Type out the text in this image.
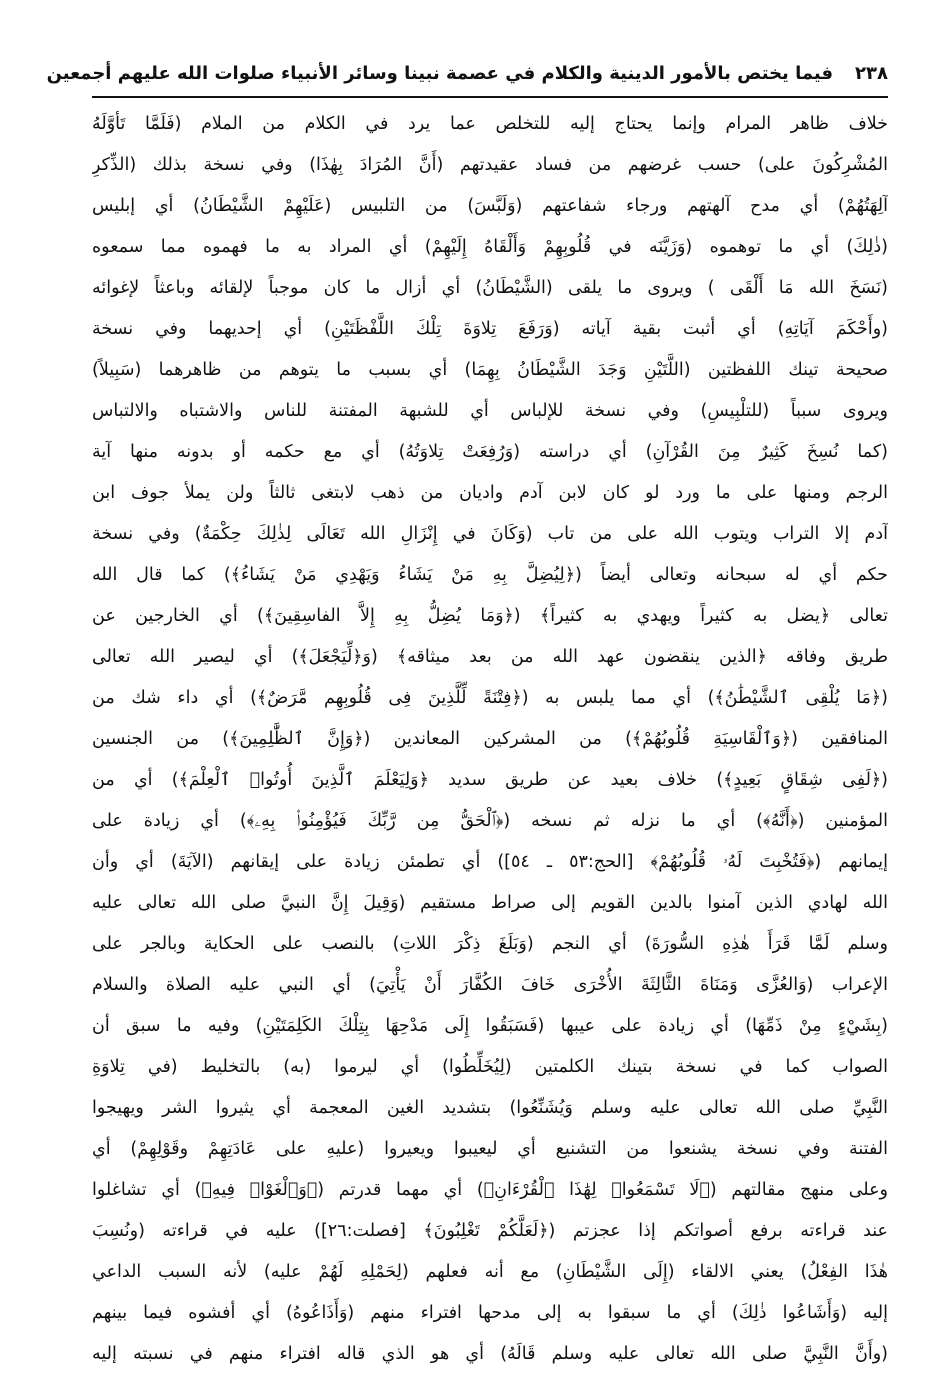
٢٣٨
فيما يختص بالأمور الدينية والكلام في عصمة نبينا وسائر الأنبياء صلوات الله عليهم أجمعين
خلاف ظاهر المرام وإنما يحتاج إليه للتخلص عما يرد في الكلام من الملام (فَلَمَّا تَأوَّلَهُ
المُشْرِكُونَ على) حسب غرضهم من فساد عقيدتهم (أَنَّ المُرَادَ بِهٰذَا) وفي نسخة بذلك (الذِّكرِ
آلِهَتُهُمْ) أي مدح آلهتهم ورجاء شفاعتهم (وَلَبَّسَ) من التلبيس (عَلَيْهِمْ الشَّيْطَانُ) أي إبليس
(ذٰلِكَ) أي ما توهموه (وَزَيَّنَه في قُلُوبِهِمْ وَأَلْقَاهُ إِلَيْهِمْ) أي المراد به ما فهموه مما سمعوه
(نَسَخَ الله مَا أَلْقَى ) ويروى ما يلقى (الشَّيْطَانُ) أي أزال ما كان موجباً لإلقائه وباعثاً لإغوائه
(وأَحْكَمَ آيَاتِهِ) أي أثبت بقية آياته (وَرَفَعَ تِلاوَةَ تِلْكَ اللَّفْظَتَيْنِ) أي إحديهما وفي نسخة
صحيحة تينك اللفظتين (اللَّتَيْنِ وَجَدَ الشَّيْطَانُ بِهِمَا) أي بسبب ما يتوهم من ظاهرهما (سَبِيلاً)
ويروى سبباً (للتلْبِيسِ) وفي نسخة للإلباس أي للشبهة المفتنة للناس والاشتباه والالتباس
(كما نُسِخَ كَثِيرٌ مِنَ القُرْآنِ) أي دراسته (وَرُفِعَتْ تِلاوَتُهُ) أي مع حكمه أو بدونه منها آية
الرجم ومنها على ما ورد لو كان لابن آدم واديان من ذهب لابتغى ثالثاً ولن يملأ جوف ابن
آدم إلا التراب ويتوب الله على من تاب (وَكَانَ في إِنْزَالِ الله تَعَالَى لِذٰلِكَ حِكْمَةٌ) وفي نسخة
حكم أي له سبحانه وتعالى أيضاً (﴿لِيُضِلَّ بِهِ مَنْ يَشَاءُ وَيَهْدِي مَنْ يَشَاءُ﴾) كما قال الله
تعالى ﴿يضل به كثيراً ويهدي به كثيراً﴾ (﴿وَمَا يُضِلُّ بِهِ إِلاَّ الفاسِقِينَ﴾) أي الخارجين عن
طريق وفاقه ﴿الذين ينقضون عهد الله من بعد ميثاقه﴾ (وَ﴿لِّيَجْعَلَ﴾) أي ليصير الله تعالى
(﴿مَا يُلْقِى ٱلشَّيْطَٰنُ﴾) أي مما يلبس به (﴿فِتْنَةً لِّلَّذِينَ فِى قُلُوبِهِم مَّرَضٌ﴾) أي داء شك من
المنافقين (﴿وَٱلْقَاسِيَةِ قُلُوبُهُمْ﴾) من المشركين المعاندين (﴿وَإِنَّ ٱلظَّٰلِمِينَ﴾) من الجنسين
(﴿لَفِى شِقَاقٍ بَعِيدٍ﴾) خلاف بعيد عن طريق سديد ﴿وَلِيَعْلَمَ ٱلَّذِينَ أُوتُوا۟ ٱلْعِلْمَ﴾) أي من
المؤمنين (﴿أَنَّهُ﴾) أي ما نزله ثم نسخه (﴿ٱلْحَقُّ مِن رَّبِّكَ فَيُؤْمِنُوا۟ بِهِۦ﴾) أي زيادة على
إيمانهم (﴿فَتُخْبِتَ لَهُۥ قُلُوبُهُمْ﴾ [الحج:٥٣ ـ ٥٤]) أي تطمئن زيادة على إيقانهم (الآيَةَ) أي وأن
الله لهادي الذين آمنوا بالدين القويم إلى صراط مستقيم (وَقِيلَ إِنَّ النبيَّ صلى الله تعالى عليه
وسلم لَمَّا قَرَأَ هٰذِهِ السُّورَةَ) أي النجم (وَبَلَغَ ذِكْرَ اللاتِ) بالنصب على الحكاية وبالجر على
الإعراب (وَالعُزَّى وَمَنَاةَ الثَّالِثَةَ الأُخْرَى خَافَ الكُفَّارَ أَنْ يَأْتِيَ) أي النبي عليه الصلاة والسلام
(بِشَيْءٍ مِنْ ذَمِّهَا) أي زيادة على عيبها (فَسَبَقُوا إِلَى مَدْحِهَا بِتِلْكَ الكَلِمَتَيْنِ) وفيه ما سبق أن
الصواب كما في نسخة بتينك الكلمتين (لِيُخَلِّطُوا) أي ليرموا (به) بالتخليط (في تِلاوَةِ
النَّبِيِّ صلى الله تعالى عليه وسلم وَيُشَنِّعُوا) بتشديد الغين المعجمة أي يثيروا الشر ويهيجوا
الفتنة وفي نسخة يشنعوا من التشنيع أي ليعيبوا ويعيروا (عليهِ على عَادَتِهِمْ وقَوْلِهِمْ) أي
وعلى منهج مقالتهم (﴿لَا تَسْمَعُوا۟ لِهَٰذَا ٱلْقُرْءَانِ﴾) أي مهما قدرتم (﴿وَٱلْغَوْا۟ فِيهِ﴾) أي تشاغلوا
عند قراءته برفع أصواتكم إذا عجزتم (﴿لَعَلَّكُمْ تَغْلِبُونَ﴾ [فصلت:٢٦]) عليه في قراءته (ونُسِبَ
هٰذَا الفِعْلُ) يعني الالقاء (إِلَى الشَّيْطَانِ) مع أنه فعلهم (لِحَمْلِهِ لَهُمْ عليه) لأنه السبب الداعي
إليه (وَأَشَاعُوا ذٰلِكَ) أي ما سبقوا به إلى مدحها افتراء منهم (وَأَذَاعُوهُ) أي أفشوه فيما بينهم
(وأَنَّ النَّبِيَّ صلى الله تعالى عليه وسلم قَالَهُ) أي هو الذي قاله افتراء منهم في نسبته إليه
